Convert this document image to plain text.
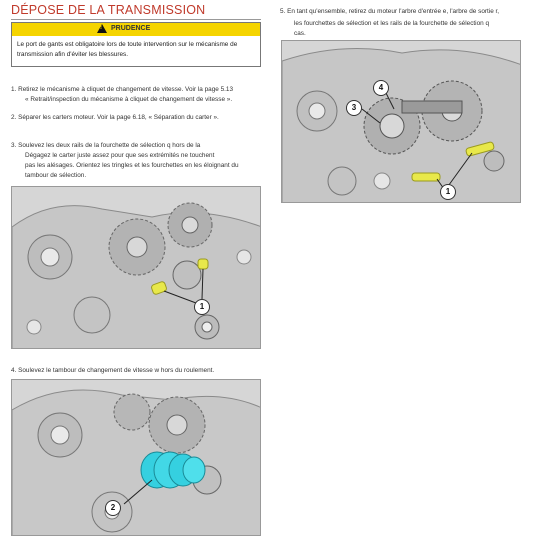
DÉPOSE DE LA TRANSMISSION
!
PRUDENCE
Le port de gants est obligatoire lors de toute intervention sur le mécanisme de transmission afin d'éviter les blessures.
1. Retirez le mécanisme à cliquet de changement de vitesse. Voir la page 5.13
« Retrait/inspection du mécanisme à cliquet de changement de vitesse ».
2. Séparer les carters moteur. Voir la page 6.18, « Séparation du carter ».
3. Soulevez les deux rails de la fourchette de sélection q hors de la
Dégagez le carter juste assez pour que ses extrémités ne touchent
pas les alésages. Orientez les tringles et les fourchettes en les éloignant du
tambour de sélection.
1
4. Soulevez le tambour de changement de vitesse w hors du roulement.
2
5. En tant qu'ensemble, retirez du moteur l'arbre d'entrée e, l'arbre de sortie r,
les fourchettes de sélection et les rails de la fourchette de sélection q
cas.
4
3
1
